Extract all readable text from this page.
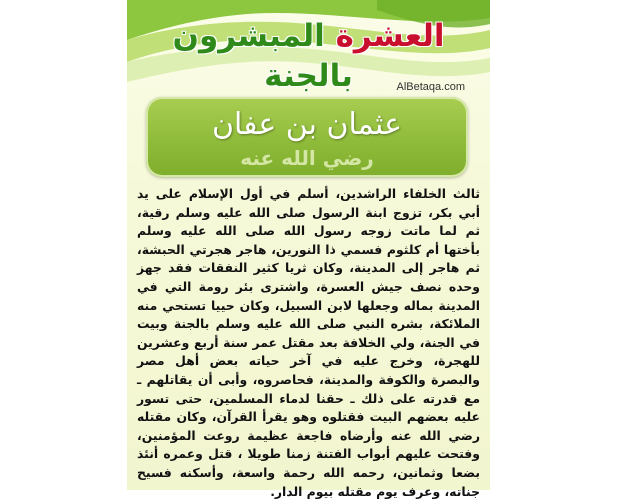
العشرة المبشرون بالجنة	AlBetaqa.com
عثمان بن عفان
رضي الله عنه

ثالث الخلفاء الراشدين، أسلم في أول الإسلام على يد أبي بكر، تزوج ابنة الرسول صلى الله عليه وسلم رقية، ثم لما ماتت زوجه رسول الله صلى الله عليه وسلم بأختها أم كلثوم فسمي ذا النورين، هاجر هجرتي الحبشة، ثم هاجر إلى المدينة، وكان ثريا كثير النفقات فقد جهز وحده نصف جيش العسرة، واشترى بئر رومة التي في المدينة بماله وجعلها لابن السبيل، وكان حييا تستحي منه الملائكة، بشره النبي صلى الله عليه وسلم بالجنة وبيت في الجنة، ولي الخلافة بعد مقتل عمر سنة أربع وعشرين للهجرة، وخرج عليه في آخر حياته بعض أهل مصر والبصرة والكوفة والمدينة، فحاصروه، وأبى أن يقاتلهم ـ مع قدرته على ذلك ـ حقنا لدماء المسلمين، حتى تسور عليه بعضهم البيت فقتلوه وهو يقرأ القرآن، وكان مقتله رضي الله عنه وأرضاه فاجعة عظيمة روعت المؤمنين، وفتحت عليهم أبواب الفتنة زمنا طويلا ، قتل وعمره أنئذ بضعا وثمانين، رحمه الله رحمة واسعة، وأسكنه فسيح جناته، وعرف يوم مقتله بيوم الدار.
